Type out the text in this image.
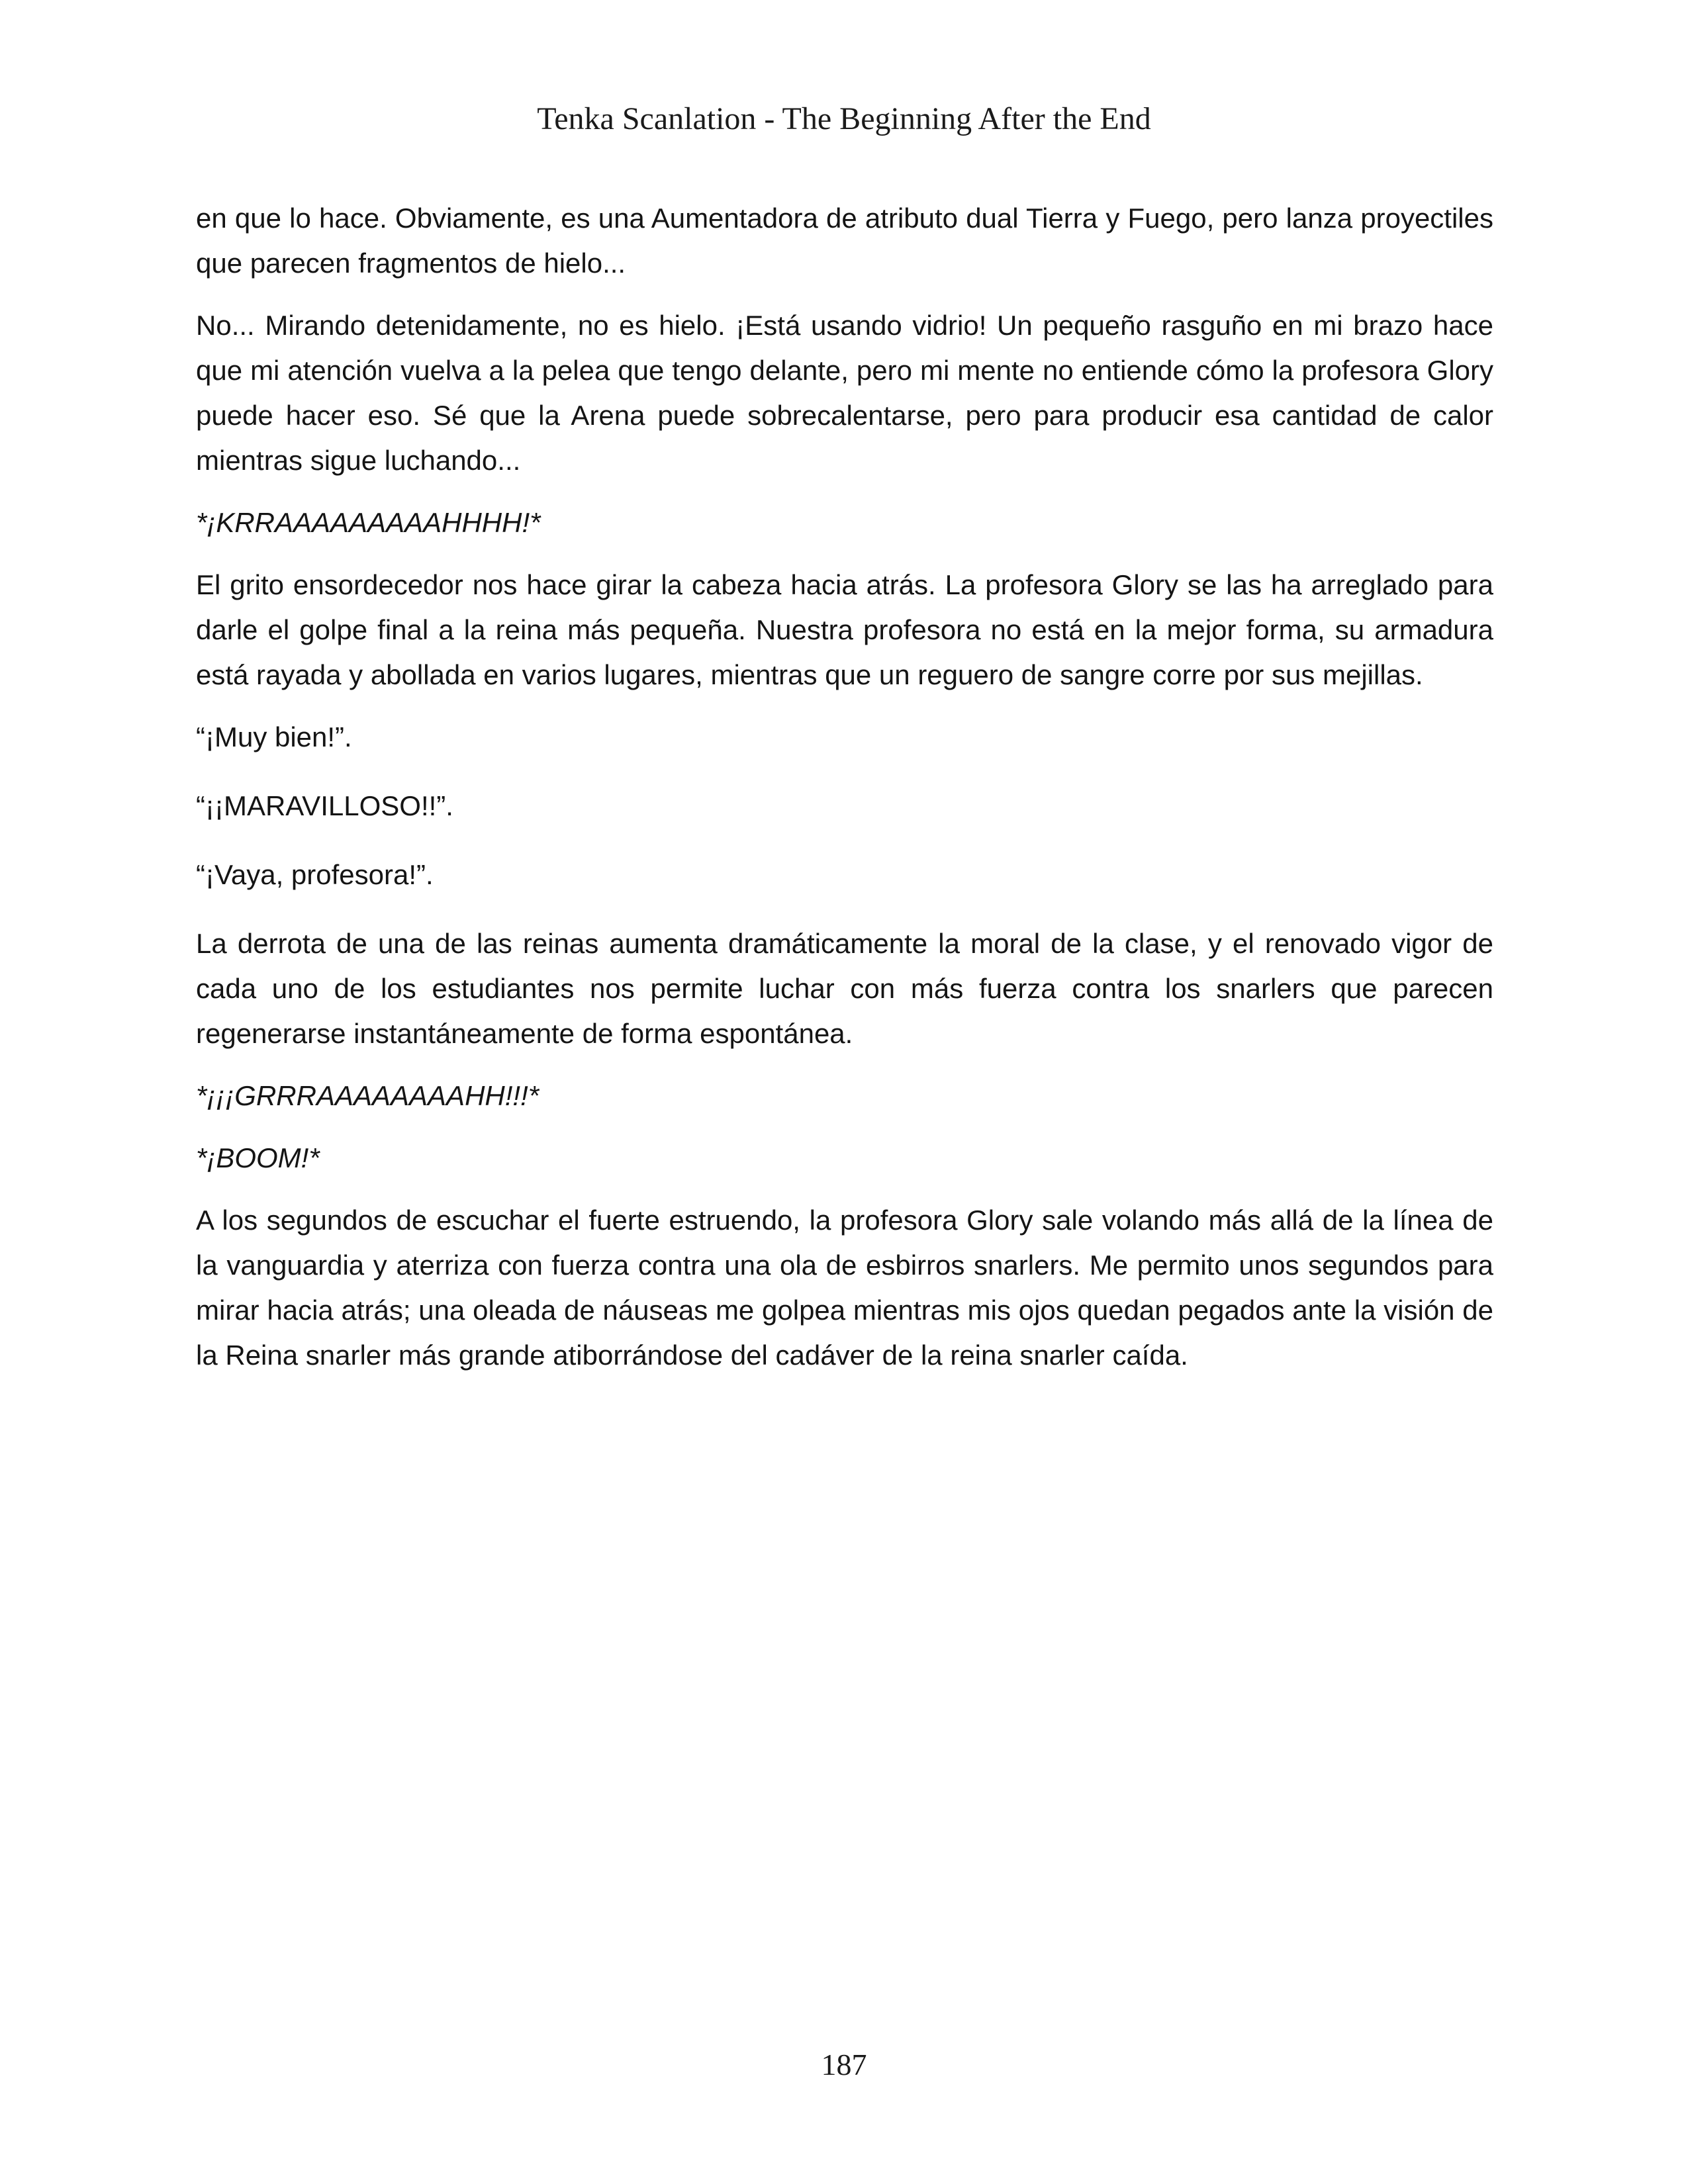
Tenka Scanlation - The Beginning After the End

en que lo hace. Obviamente, es una Aumentadora de atributo dual Tierra y Fuego, pero lanza proyectiles que parecen fragmentos de hielo...

No... Mirando detenidamente, no es hielo. ¡Está usando vidrio! Un pequeño rasguño en mi brazo hace que mi atención vuelva a la pelea que tengo delante, pero mi mente no entiende cómo la profesora Glory puede hacer eso. Sé que la Arena puede sobrecalentarse, pero para producir esa cantidad de calor mientras sigue luchando...

*¡KRRAAAAAAAAAHHHH!*

El grito ensordecedor nos hace girar la cabeza hacia atrás. La profesora Glory se las ha arreglado para darle el golpe final a la reina más pequeña. Nuestra profesora no está en la mejor forma, su armadura está rayada y abollada en varios lugares, mientras que un reguero de sangre corre por sus mejillas.

“¡Muy bien!”.

“¡¡MARAVILLOSO!!”.

“¡Vaya, profesora!”.

La derrota de una de las reinas aumenta dramáticamente la moral de la clase, y el renovado vigor de cada uno de los estudiantes nos permite luchar con más fuerza contra los snarlers que parecen regenerarse instantáneamente de forma espontánea.

*¡¡¡GRRRAAAAAAAAHH!!!*

*¡BOOM!*

A los segundos de escuchar el fuerte estruendo, la profesora Glory sale volando más allá de la línea de la vanguardia y aterriza con fuerza contra una ola de esbirros snarlers. Me permito unos segundos para mirar hacia atrás; una oleada de náuseas me golpea mientras mis ojos quedan pegados ante la visión de la Reina snarler más grande atiborrándose del cadáver de la reina snarler caída.

187
